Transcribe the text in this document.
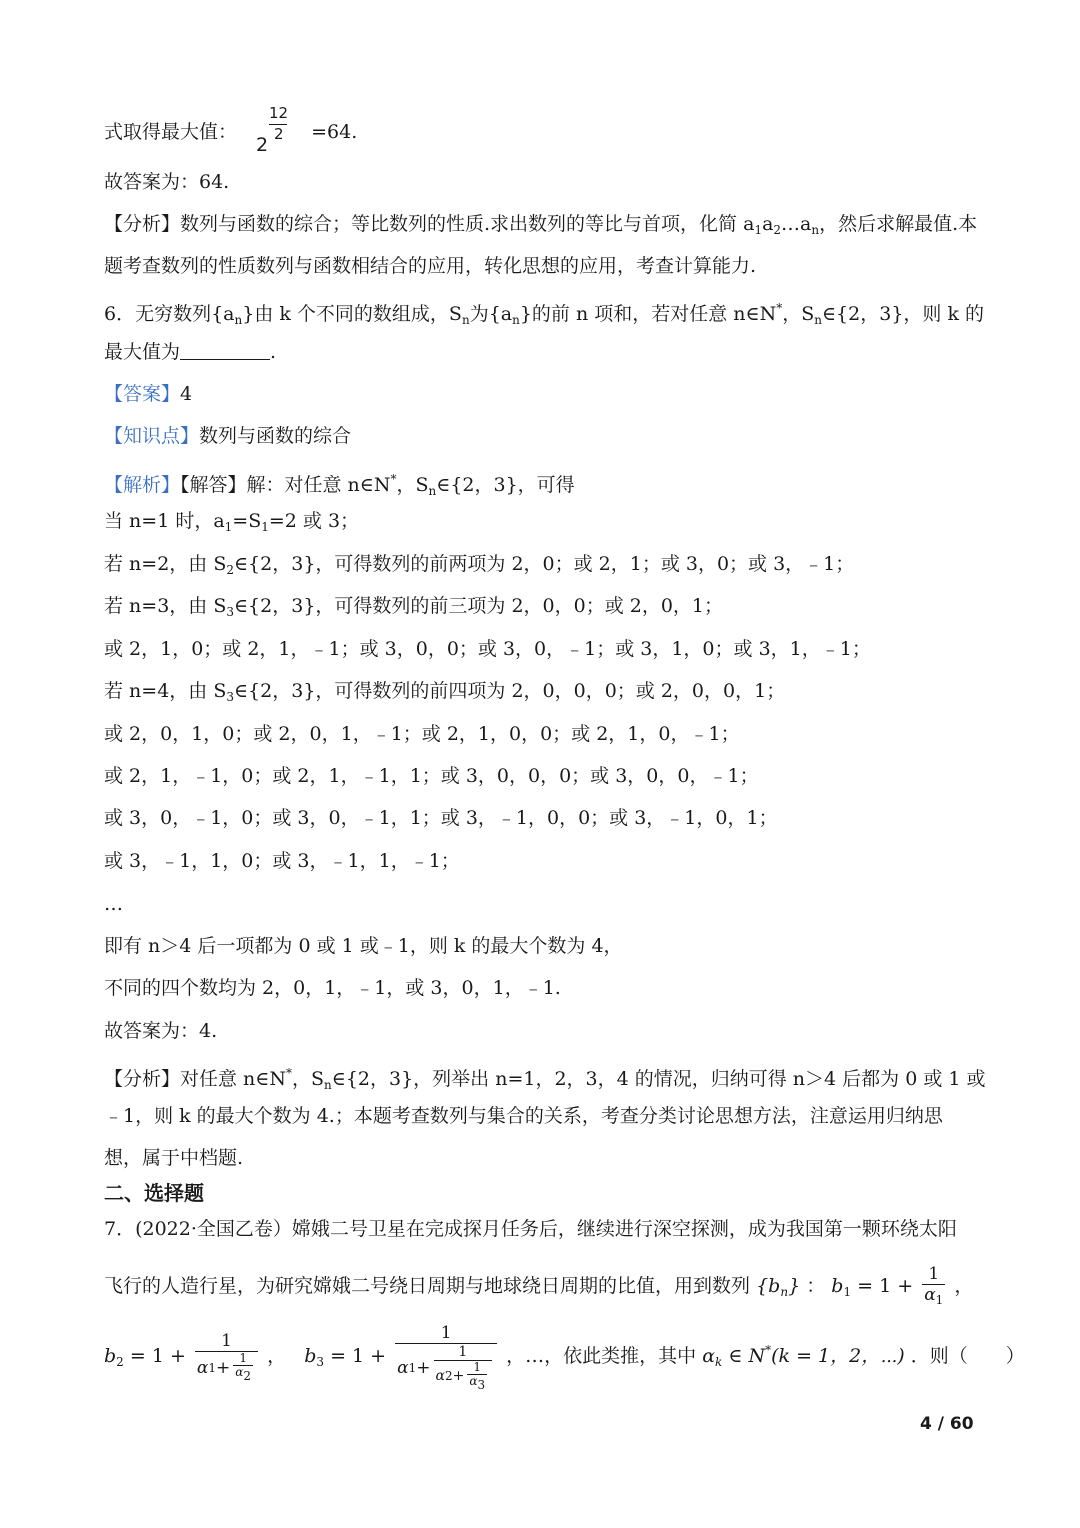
式取得最大值：	=64.
2
12
2
故答案为：64.
【分析】数列与函数的综合；等比数列的性质.求出数列的等比与首项，化简 $a_1a_2\dots a_n$，然后求解最值.本
题考查数列的性质数列与函数相结合的应用，转化思想的应用，考查计算能力.
6．无穷数列$\{a_n\}$由 k 个不同的数组成，$S_n$为$\{a_n\}$的前 n 项和，若对任意 n∈N*，$S_n\in\{2$，3}，则 k 的
最大值为	.
【答案】4
【知识点】数列与函数的综合
【解析】【解答】解：对任意 n∈N*，$S_n\in\{2$，3}，可得
当 n=1 时，$a_1=S_1=2$ 或 3；
若 n=2，由 $S_2\in\{2$，3}，可得数列的前两项为 2，0；或 2，1；或 3，0；或 3，﹣1；
若 n=3，由 $S_3\in\{2$，3}，可得数列的前三项为 2，0，0；或 2，0，1；
或 2，1，0；或 2，1，﹣1；或 3，0，0；或 3，0，﹣1；或 3，1，0；或 3，1，﹣1；
若 n=4，由 $S_3\in\{2$，3}，可得数列的前四项为 2，0，0，0；或 2，0，0，1；
或 2，0，1，0；或 2，0，1，﹣1；或 2，1，0，0；或 2，1，0，﹣1；
或 2，1，﹣1，0；或 2，1，﹣1，1；或 3，0，0，0；或 3，0，0，﹣1；
或 3，0，﹣1，0；或 3，0，﹣1，1；或 3，﹣1，0，0；或 3，﹣1，0，1；
或 3，﹣1，1，0；或 3，﹣1，1，﹣1；
…
即有 n＞4 后一项都为 0 或 1 或﹣1，则 k 的最大个数为 4，
不同的四个数均为 2，0，1，﹣1，或 3，0，1，﹣1.
故答案为：4.
【分析】对任意 n∈N*，$S_n\in\{2$，3}，列举出 n=1，2，3，4 的情况，归纳可得 n＞4 后都为 0 或 1 或
﹣1，则 k 的最大个数为 4.；本题考查数列与集合的关系，考查分类讨论思想方法，注意运用归纳思
想，属于中档题.
二、选择题
7．(2022·全国乙卷）嫦娥二号卫星在完成探月任务后，继续进行深空探测，成为我国第一颗环绕太阳
飞行的人造行星，为研究嫦娥二号绕日周期与地球绕日周期的比值，用到数列 $\{b_n\}$ ： $b_1 = 1 + \frac{1}{\alpha_1}$ ，
$b_2 = 1 + \frac{1}{\alpha 1 + \frac{1}{\alpha 2}}$ ， $b_3 = 1$ +
1
α $1 + \frac{1}{\alpha 2 + \frac{1}{\alpha 3}}$ ，…，依此类推，其中 $\alpha_k$ ∈ N*(k = 1，2，⋯) ．则（　　）
4 / 60
